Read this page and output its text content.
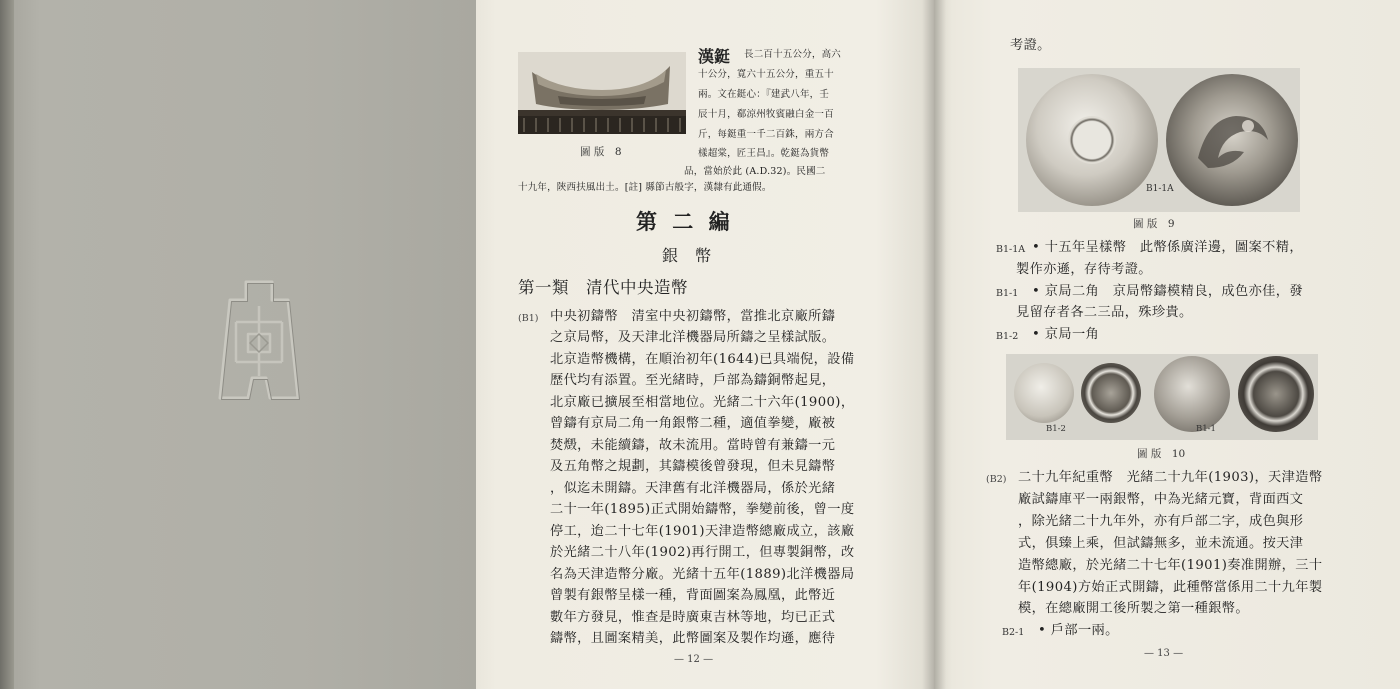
圖 版　8
漢鋌 長二百十五公分，高六
十公分，寬六十五公分，重五十
兩。文在鋌心：『建武八年，壬
辰十月，郗涼州牧賓融白金一百
斤，每鋌重一千二百銖，兩方合
樣超棠，匠王昌』。乾鋌為貨幣
品，當始於此 (A.D.32)。民國二
十九年，陝西扶風出土。[註] 縣節古般字，漢隸有此通假。
第 二 編
銀 幣
第一類　清代中央造幣
(B1) 中央初鑄幣　清室中央初鑄幣，當推北京廠所鑄
之京局幣，及天津北洋機器局所鑄之呈樣試版。
北京造幣機構，在順治初年(1644)已具端倪，設備
歷代均有添置。至光緒時，戶部為鑄銅幣起見，
北京廠已擴展至相當地位。光緒二十六年(1900)，
曾鑄有京局二角一角銀幣二種，適值拳變，廠被
焚燬，未能續鑄，故未流用。當時曾有兼鑄一元
及五角幣之規劃，其鑄模後曾發現，但未見鑄幣
，似迄未開鑄。天津舊有北洋機器局，係於光緒
二十一年(1895)正式開始鑄幣，拳變前後，曾一度
停工，迨二十七年(1901)天津造幣總廠成立，該廠
於光緒二十八年(1902)再行開工，但專製銅幣，改
名為天津造幣分廠。光緒十五年(1889)北洋機器局
曾製有銀幣呈樣一種，背面圖案為鳳凰，此幣近
數年方發見，惟查是時廣東吉林等地，均已正式
鑄幣，且圖案精美，此幣圖案及製作均遜，應待
— 12 —
考證。
B1-1A
圖 版　9
B1-1A • 十五年呈樣幣　此幣係廣洋邊，圖案不精，
製作亦遜，存待考證。
B1-1 • 京局二角　京局幣鑄模精良，成色亦佳，發
見留存者各二三品，殊珍貴。
B1-2 • 京局一角
B1-2	B1-1
圖 版　10
(B2) 二十九年紀重幣　光緒二十九年(1903)，天津造幣
廠試鑄庫平一兩銀幣，中為光緒元寶，背面西文
，除光緒二十九年外，亦有戶部二字，成色與形
式，俱臻上乘，但試鑄無多，並未流通。按天津
造幣總廠，於光緒二十七年(1901)奏准開辦，三十
年(1904)方始正式開鑄，此種幣當係用二十九年製
模，在總廠開工後所製之第一種銀幣。
B2-1 • 戶部一兩。
— 13 —
